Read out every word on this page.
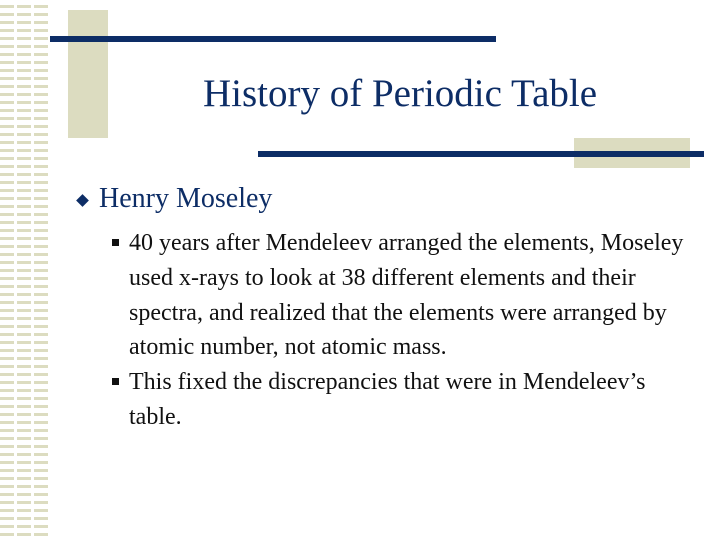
History of Periodic Table
Henry Moseley
40 years after Mendeleev arranged the elements, Moseley used x-rays to look at 38 different elements and their spectra, and realized that the elements were arranged by atomic number, not atomic mass.
This fixed the discrepancies that were in Mendeleev’s table.
